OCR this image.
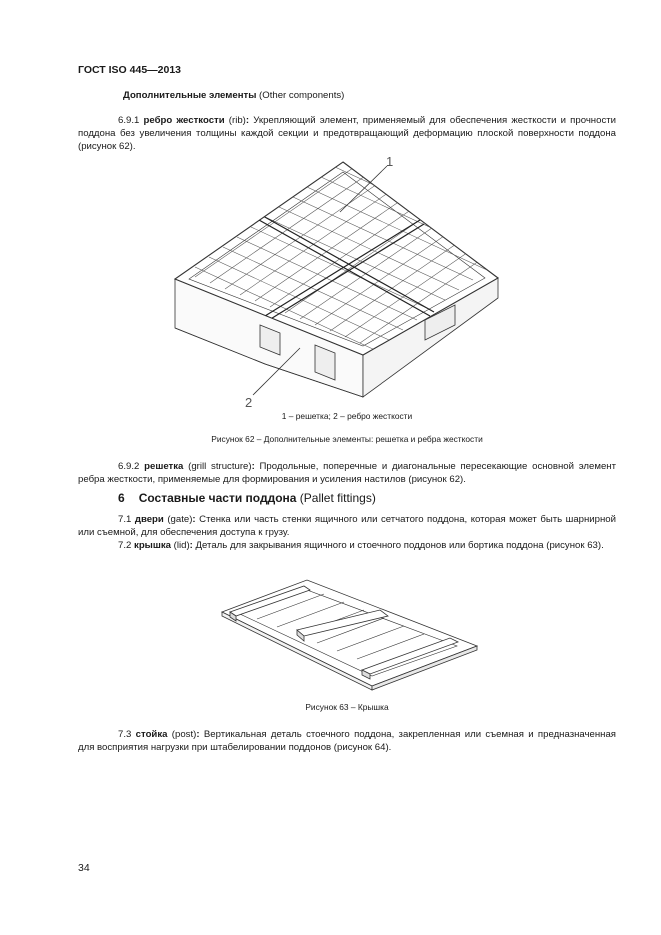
ГОСТ ISO 445—2013
Дополнительные элементы (Other components)
6.9.1 ребро жесткости (rib): Укрепляющий элемент, применяемый для обеспечения жесткости и прочности поддона без увеличения толщины каждой секции и предотвращающий деформацию плоской поверхности поддона (рисунок 62).
1
2
1 – решетка; 2 – ребро жесткости
Рисунок 62 – Дополнительные элементы: решетка и ребра жесткости
6.9.2 решетка (grill structure): Продольные, поперечные и диагональные пересекающие основной элемент ребра жесткости, применяемые для формирования и усиления настилов (рисунок 62).
6 Составные части поддона (Pallet fittings)
7.1 двери (gate): Стенка или часть стенки ящичного или сетчатого поддона, которая может быть шарнирной или съемной, для обеспечения доступа к грузу.
7.2 крышка (lid): Деталь для закрывания ящичного и стоечного поддонов или бортика поддона (рисунок 63).
Рисунок 63 – Крышка
7.3 стойка (post): Вертикальная деталь стоечного поддона, закрепленная или съемная и предназначенная для восприятия нагрузки при штабелировании поддонов (рисунок 64).
34
